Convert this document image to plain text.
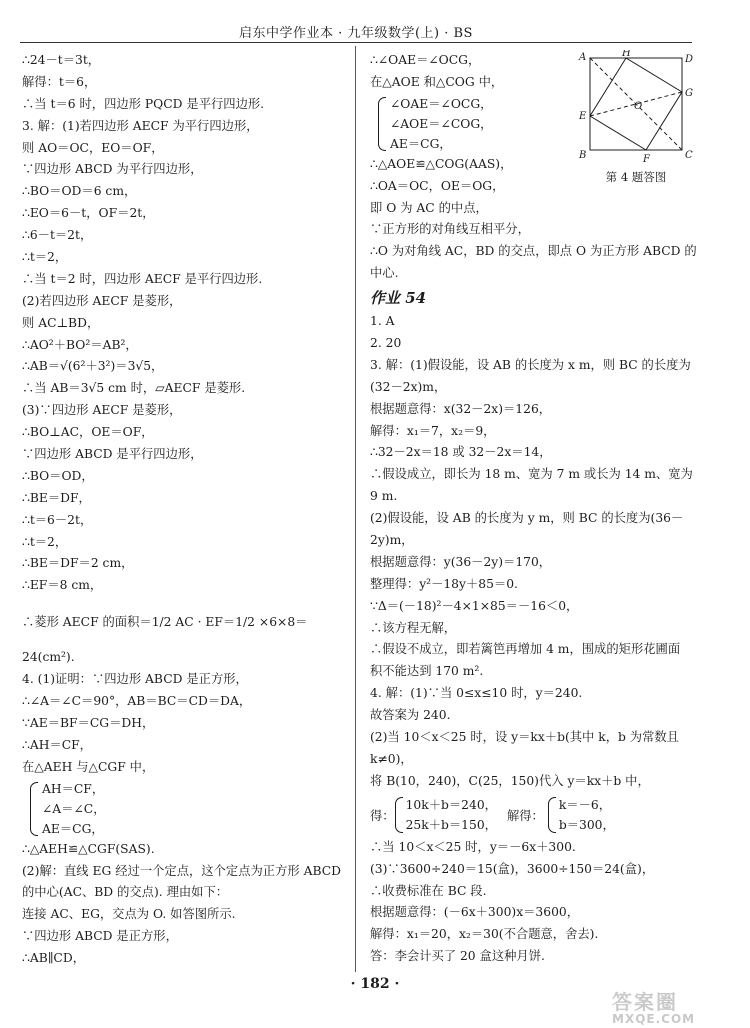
启东中学作业本 · 九年级数学(上) · BS
∴24－t＝3t，
解得：t＝6，
∴当 t＝6 时，四边形 PQCD 是平行四边形.
3. 解：(1)若四边形 AECF 为平行四边形，
则 AO＝OC，EO＝OF，
∵四边形 ABCD 为平行四边形，
∴BO＝OD＝6 cm，
∴EO＝6－t，OF＝2t，
∴6－t＝2t，
∴t＝2，
∴当 t＝2 时，四边形 AECF 是平行四边形.
(2)若四边形 AECF 是菱形，
则 AC⊥BD，
∴AO²＋BO²＝AB²，
∴AB＝√(6²＋3²)＝3√5，
∴当 AB＝3√5 cm 时，▱AECF 是菱形.
(3)∵四边形 AECF 是菱形，
∴BO⊥AC，OE＝OF，
∵四边形 ABCD 是平行四边形，
∴BO＝OD，
∴BE＝DF，
∴t＝6－2t，
∴t＝2，
∴BE＝DF＝2 cm，
∴EF＝8 cm，
∴菱形 AECF 的面积＝1/2 AC · EF＝1/2 ×6×8＝
24(cm²).
4. (1)证明：∵四边形 ABCD 是正方形，
∴∠A＝∠C＝90°，AB＝BC＝CD＝DA，
∵AE＝BF＝CG＝DH，
∴AH＝CF，
在△AEH 与△CGF 中，
AH＝CF，
∠A＝∠C，
AE＝CG，
∴△AEH≌△CGF(SAS).
(2)解：直线 EG 经过一个定点，这个定点为正方形 ABCD
的中心(AC、BD 的交点). 理由如下：
连接 AC、EG，交点为 O. 如答图所示.
∵四边形 ABCD 是正方形，
∴AB∥CD，
∴∠OAE＝∠OCG，
在△AOE 和△COG 中，
∠OAE＝∠OCG，
∠AOE＝∠COG，
AE＝CG，
∴△AOE≌△COG(AAS)，
∴OA＝OC，OE＝OG，
即 O 为 AC 的中点，
∵正方形的对角线互相平分，
∴O 为对角线 AC，BD 的交点，即点 O 为正方形 ABCD 的
中心.
作业 54
1. A
2. 20
3. 解：(1)假设能，设 AB 的长度为 x m，则 BC 的长度为
(32－2x)m，
根据题意得：x(32－2x)＝126，
解得：x₁＝7，x₂＝9，
∴32－2x＝18 或 32－2x＝14，
∴假设成立，即长为 18 m、宽为 7 m 或长为 14 m、宽为
9 m.
(2)假设能，设 AB 的长度为 y m，则 BC 的长度为(36－
2y)m，
根据题意得：y(36－2y)＝170，
整理得：y²－18y＋85＝0.
∵Δ＝(－18)²－4×1×85＝－16＜0，
∴该方程无解，
∴假设不成立，即若篱笆再增加 4 m，围成的矩形花圃面
积不能达到 170 m².
4. 解：(1)∵当 0≤x≤10 时，y＝240.
故答案为 240.
(2)当 10＜x＜25 时，设 y＝kx＋b(其中 k，b 为常数且
k≠0)，
将 B(10，240)，C(25，150)代入 y＝kx＋b 中，
得：
10k＋b＝240，
25k＋b＝150，
解得：
k＝－6，
b＝300，
∴当 10＜x＜25 时，y＝－6x＋300.
(3)∵3600÷240＝15(盒)，3600÷150＝24(盒)，
∴收费标准在 BC 段.
根据题意得：(－6x＋300)x＝3600，
解得：x₁＝20，x₂＝30(不合题意，舍去).
答：李会计买了 20 盒这种月饼.
A	H
D
G
E
O
B	F	C
第 4 题答图
· 182 ·
答案圈
MXQE.COM
